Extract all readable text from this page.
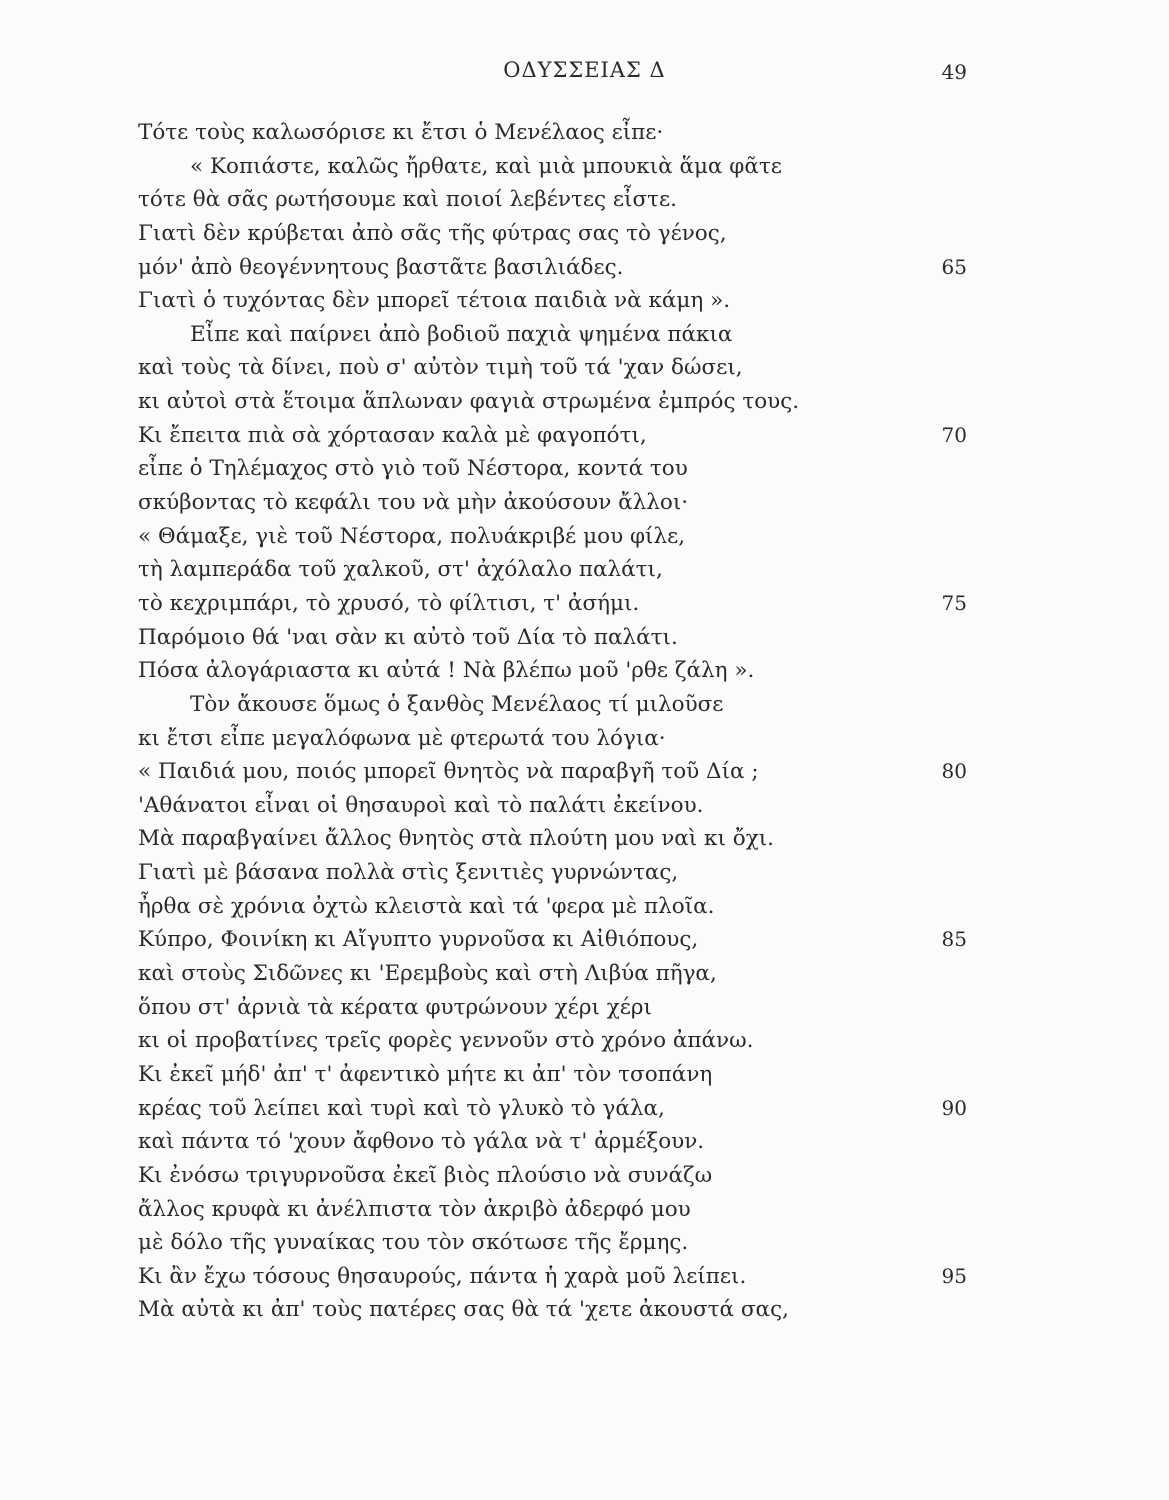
ΟΔΥΣΣΕΙΑΣ Δ	49
Τότε τοὺς καλωσόρισε κι ἔτσι ὁ Μενέλαος εἶπε·
« Κοπιάστε, καλῶς ἤρθατε, καὶ μιὰ μπουκιὰ ἅμα φᾶτε
τότε θὰ σᾶς ρωτήσουμε καὶ ποιοί λεβέντες εἶστε.
Γιατὶ δὲν κρύβεται ἀπὸ σᾶς τῆς φύτρας σας τὸ γένος,
μόν' ἀπὸ θεογέννητους βαστᾶτε βασιλιάδες.	65
Γιατὶ ὁ τυχόντας δὲν μπορεῖ τέτοια παιδιὰ νὰ κάμη ».
Εἶπε καὶ παίρνει ἀπὸ βοδιοῦ παχιὰ ψημένα πάκια
καὶ τοὺς τὰ δίνει, ποὺ σ' αὐτὸν τιμὴ τοῦ τά 'χαν δώσει,
κι αὐτοὶ στὰ ἕτοιμα ἅπλωναν φαγιὰ στρωμένα ἐμπρός τους.
Κι ἔπειτα πιὰ σὰ χόρτασαν καλὰ μὲ φαγοπότι,	70
εἶπε ὁ Τηλέμαχος στὸ γιὸ τοῦ Νέστορα, κοντά του
σκύβοντας τὸ κεφάλι του νὰ μὴν ἀκούσουν ἄλλοι·
« Θάμαξε, γιὲ τοῦ Νέστορα, πολυάκριβέ μου φίλε,
τὴ λαμπεράδα τοῦ χαλκοῦ, στ' ἀχόλαλο παλάτι,
τὸ κεχριμπάρι, τὸ χρυσό, τὸ φίλτισι, τ' ἀσήμι.	75
Παρόμοιο θά 'ναι σὰν κι αὐτὸ τοῦ Δία τὸ παλάτι.
Πόσα ἀλογάριαστα κι αὐτά ! Νὰ βλέπω μοῦ 'ρθε ζάλη ».
Τὸν ἄκουσε ὅμως ὁ ξανθὸς Μενέλαος τί μιλοῦσε
κι ἔτσι εἶπε μεγαλόφωνα μὲ φτερωτά του λόγια·
« Παιδιά μου, ποιός μπορεῖ θνητὸς νὰ παραβγῆ τοῦ Δία ;	80
'Αθάνατοι εἶναι οἱ θησαυροὶ καὶ τὸ παλάτι ἐκείνου.
Μὰ παραβγαίνει ἄλλος θνητὸς στὰ πλούτη μου ναὶ κι ὄχι.
Γιατὶ μὲ βάσανα πολλὰ στὶς ξενιτιὲς γυρνώντας,
ἦρθα σὲ χρόνια ὀχτὼ κλειστὰ καὶ τά 'φερα μὲ πλοῖα.
Κύπρο, Φοινίκη κι Αἴγυπτο γυρνοῦσα κι Αἰθιόπους,	85
καὶ στοὺς Σιδῶνες κι 'Ερεμβοὺς καὶ στὴ Λιβύα πῆγα,
ὅπου στ' ἀρνιὰ τὰ κέρατα φυτρώνουν χέρι χέρι
κι οἱ προβατίνες τρεῖς φορὲς γεννοῦν στὸ χρόνο ἀπάνω.
Κι ἐκεῖ μήδ' ἀπ' τ' ἀφεντικὸ μήτε κι ἀπ' τὸν τσοπάνη
κρέας τοῦ λείπει καὶ τυρὶ καὶ τὸ γλυκὸ τὸ γάλα,	90
καὶ πάντα τό 'χουν ἄφθονο τὸ γάλα νὰ τ' ἀρμέξουν.
Κι ἐνόσω τριγυρνοῦσα ἐκεῖ βιὸς πλούσιο νὰ συνάζω
ἄλλος κρυφὰ κι ἀνέλπιστα τὸν ἀκριβὸ ἀδερφό μου
μὲ δόλο τῆς γυναίκας του τὸν σκότωσε τῆς ἔρμης.
Κι ἂν ἔχω τόσους θησαυρούς, πάντα ἡ χαρὰ μοῦ λείπει.	95
Μὰ αὐτὰ κι ἀπ' τοὺς πατέρες σας θὰ τά 'χετε ἀκουστά σας,
